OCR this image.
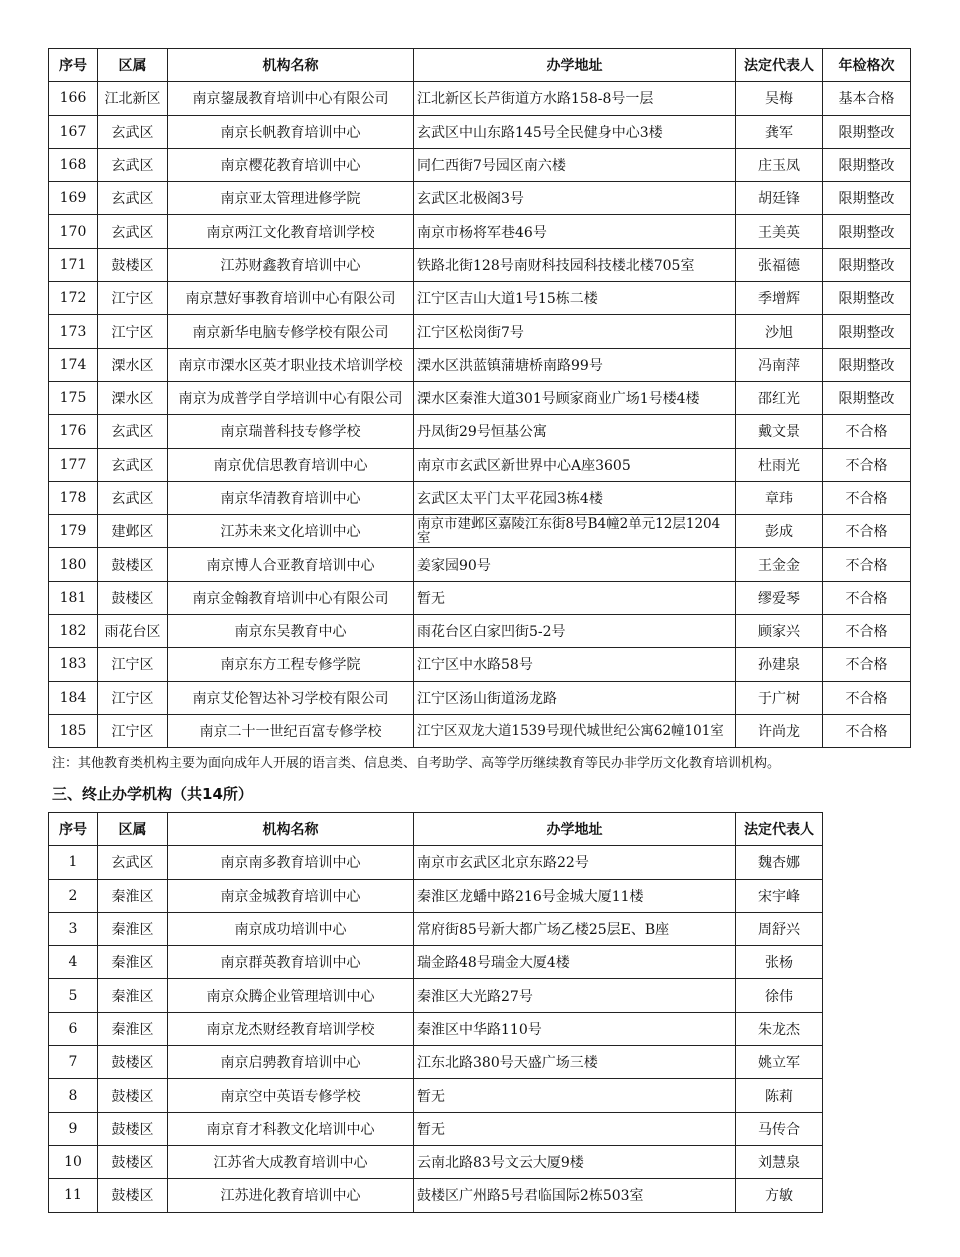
序号	区属	机构名称	办学地址	法定代表人	年检格次
166	江北新区	南京鋆晟教育培训中心有限公司	江北新区长芦街道方水路158-8号一层	吴梅	基本合格
167	玄武区	南京长帆教育培训中心	玄武区中山东路145号全民健身中心3楼	龚军	限期整改
168	玄武区	南京樱花教育培训中心	同仁西街7号园区南六楼	庄玉凤	限期整改
169	玄武区	南京亚太管理进修学院	玄武区北极阁3号	胡廷锋	限期整改
170	玄武区	南京两江文化教育培训学校	南京市杨将军巷46号	王美英	限期整改
171	鼓楼区	江苏财鑫教育培训中心	铁路北街128号南财科技园科技楼北楼705室	张福德	限期整改
172	江宁区	南京慧好事教育培训中心有限公司	江宁区吉山大道1号15栋二楼	季增辉	限期整改
173	江宁区	南京新华电脑专修学校有限公司	江宁区松岗街7号	沙旭	限期整改
174	溧水区	南京市溧水区英才职业技术培训学校	溧水区洪蓝镇蒲塘桥南路99号	冯南萍	限期整改
175	溧水区	南京为成普学自学培训中心有限公司	溧水区秦淮大道301号顾家商业广场1号楼4楼	邵红光	限期整改
176	玄武区	南京瑞普科技专修学校	丹凤街29号恒基公寓	戴文景	不合格
177	玄武区	南京优信思教育培训中心	南京市玄武区新世界中心A座3605	杜雨光	不合格
178	玄武区	南京华清教育培训中心	玄武区太平门太平花园3栋4楼	章玮	不合格
179	建邺区	江苏未来文化培训中心	南京市建邺区嘉陵江东街8号B4幢2单元12层1204室	彭成	不合格
180	鼓楼区	南京博人合亚教育培训中心	姜家园90号	王金金	不合格
181	鼓楼区	南京金翰教育培训中心有限公司	暂无	缪爱琴	不合格
182	雨花台区	南京东吴教育中心	雨花台区白家凹街5-2号	顾家兴	不合格
183	江宁区	南京东方工程专修学院	江宁区中水路58号	孙建泉	不合格
184	江宁区	南京艾伦智达补习学校有限公司	江宁区汤山街道汤龙路	于广树	不合格
185	江宁区	南京二十一世纪百富专修学校	江宁区双龙大道1539号现代城世纪公寓62幢101室	许尚龙	不合格
注：其他教育类机构主要为面向成年人开展的语言类、信息类、自考助学、高等学历继续教育等民办非学历文化教育培训机构。
三、终止办学机构（共14所）
序号	区属	机构名称	办学地址	法定代表人
1	玄武区	南京南多教育培训中心	南京市玄武区北京东路22号	魏杏娜
2	秦淮区	南京金城教育培训中心	秦淮区龙蟠中路216号金城大厦11楼	宋宇峰
3	秦淮区	南京成功培训中心	常府街85号新大都广场乙楼25层E、B座	周舒兴
4	秦淮区	南京群英教育培训中心	瑞金路48号瑞金大厦4楼	张杨
5	秦淮区	南京众腾企业管理培训中心	秦淮区大光路27号	徐伟
6	秦淮区	南京龙杰财经教育培训学校	秦淮区中华路110号	朱龙杰
7	鼓楼区	南京启骋教育培训中心	江东北路380号天盛广场三楼	姚立军
8	鼓楼区	南京空中英语专修学校	暂无	陈莉
9	鼓楼区	南京育才科教文化培训中心	暂无	马传合
10	鼓楼区	江苏省大成教育培训中心	云南北路83号文云大厦9楼	刘慧泉
11	鼓楼区	江苏进化教育培训中心	鼓楼区广州路5号君临国际2栋503室	方敏
